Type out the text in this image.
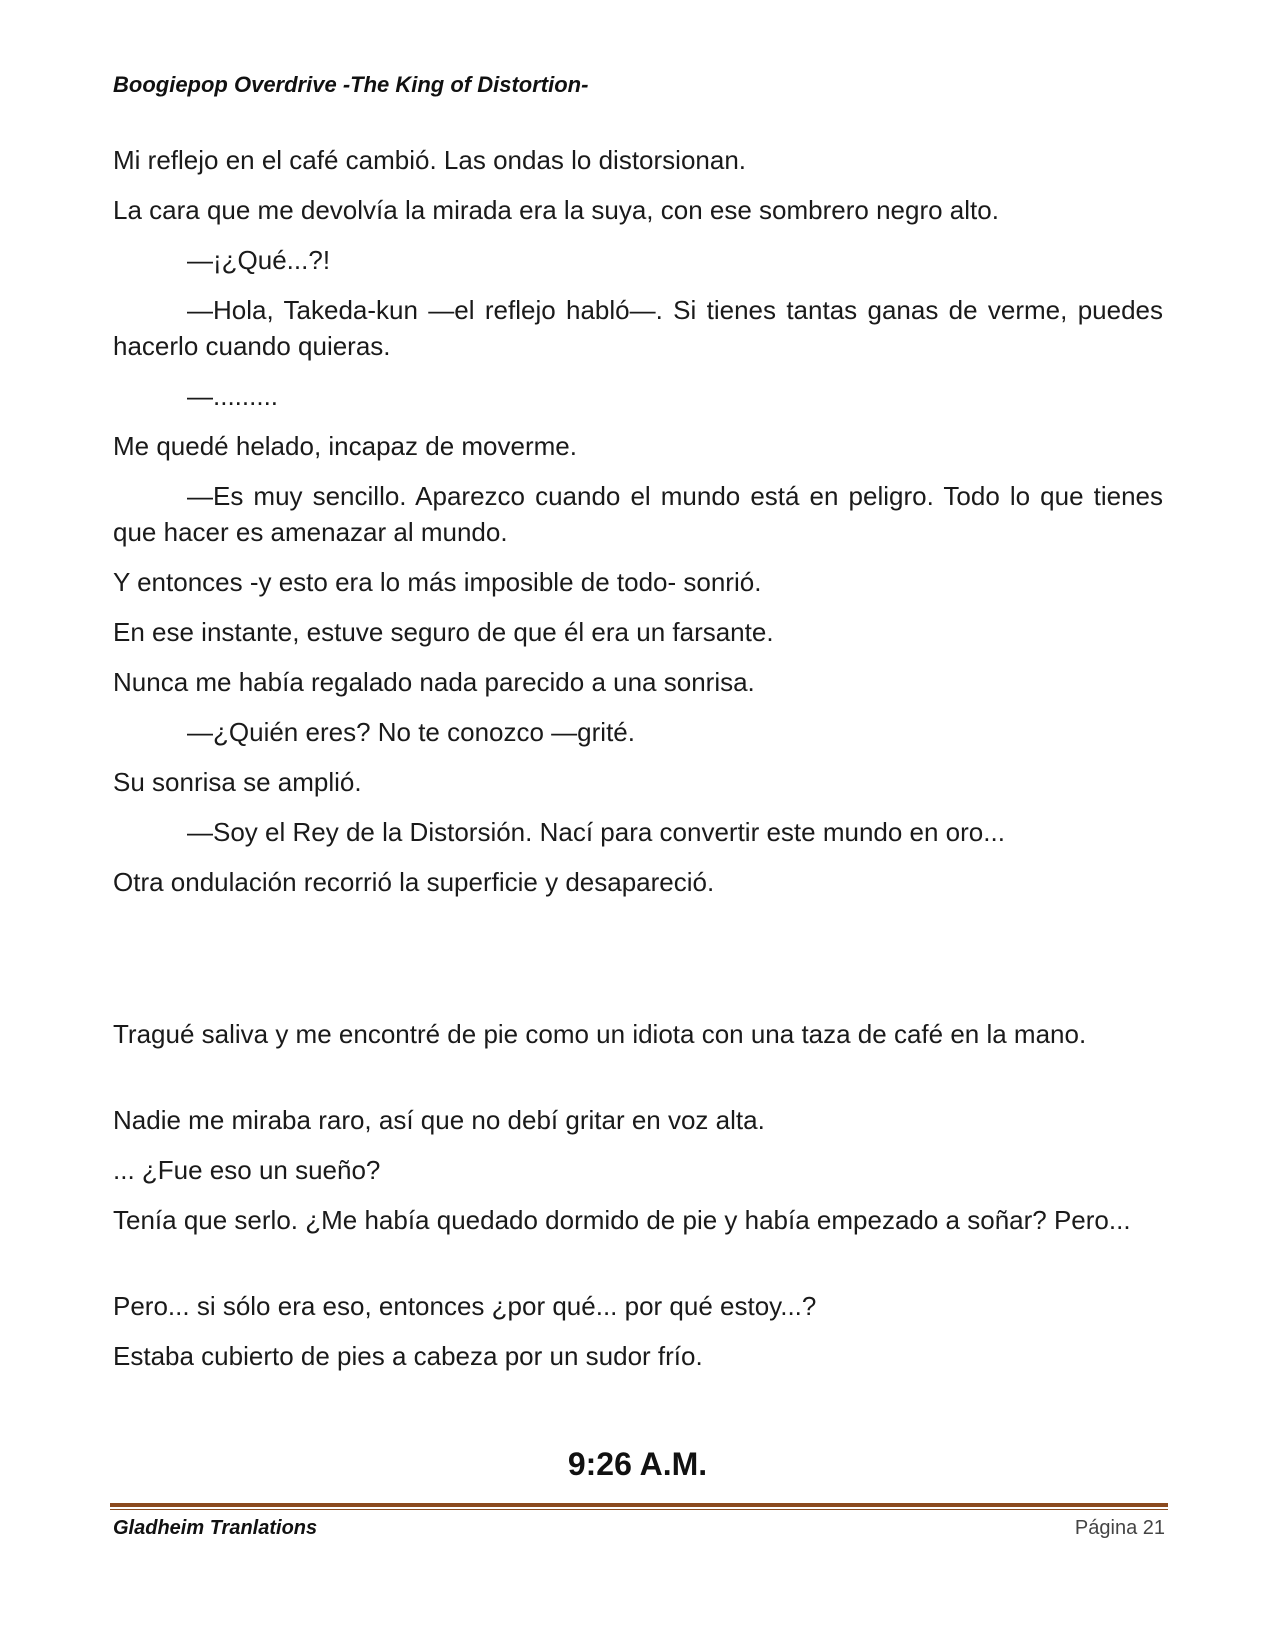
Boogiepop Overdrive -The King of Distortion-

Mi reflejo en el café cambió. Las ondas lo distorsionan.

La cara que me devolvía la mirada era la suya, con ese sombrero negro alto.

—¡¿Qué...?!

—Hola, Takeda-kun —el reflejo habló—. Si tienes tantas ganas de verme, puedes hacerlo cuando quieras.

—.........

Me quedé helado, incapaz de moverme.

—Es muy sencillo. Aparezco cuando el mundo está en peligro. Todo lo que tienes que hacer es amenazar al mundo.

Y entonces -y esto era lo más imposible de todo- sonrió.

En ese instante, estuve seguro de que él era un farsante.

Nunca me había regalado nada parecido a una sonrisa.

—¿Quién eres? No te conozco —grité.

Su sonrisa se amplió.

—Soy el Rey de la Distorsión. Nací para convertir este mundo en oro...

Otra ondulación recorrió la superficie y desapareció.

Tragué saliva y me encontré de pie como un idiota con una taza de café en la mano.

Nadie me miraba raro, así que no debí gritar en voz alta.

... ¿Fue eso un sueño?

Tenía que serlo. ¿Me había quedado dormido de pie y había empezado a soñar? Pero...

Pero... si sólo era eso, entonces ¿por qué... por qué estoy...?

Estaba cubierto de pies a cabeza por un sudor frío.

9:26 A.M.
Gladheim Tranlations	Página 21
